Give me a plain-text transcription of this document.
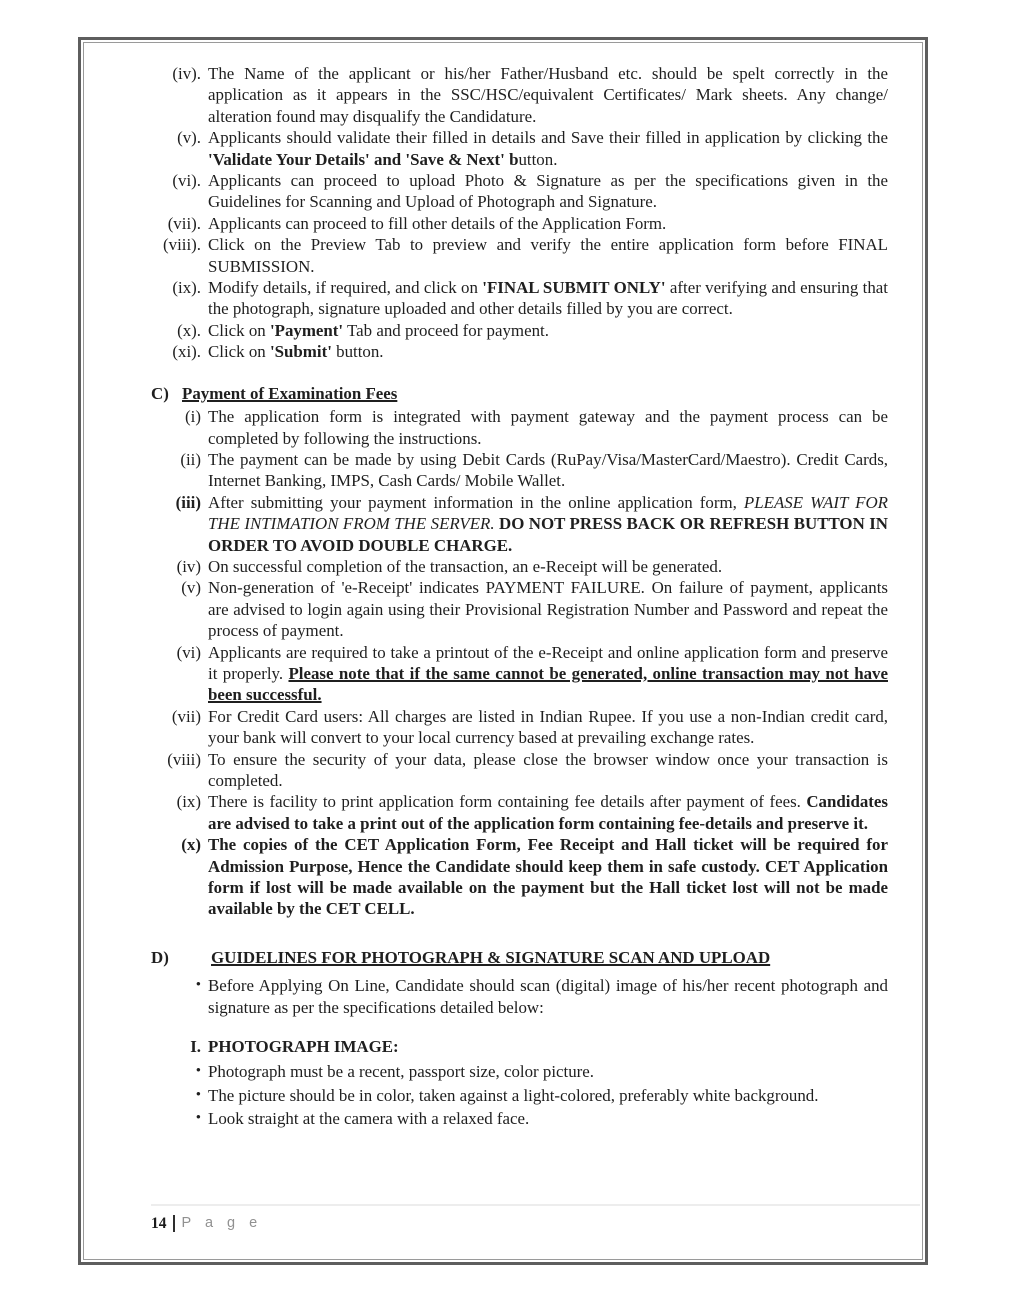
(iv). The Name of the applicant or his/her Father/Husband etc. should be spelt correctly in the application as it appears in the SSC/HSC/equivalent Certificates/ Mark sheets. Any change/ alteration found may disqualify the Candidature.
(v). Applicants should validate their filled in details and Save their filled in application by clicking the 'Validate Your Details' and 'Save & Next' button.
(vi). Applicants can proceed to upload Photo & Signature as per the specifications given in the Guidelines for Scanning and Upload of Photograph and Signature.
(vii). Applicants can proceed to fill other details of the Application Form.
(viii). Click on the Preview Tab to preview and verify the entire application form before FINAL SUBMISSION.
(ix). Modify details, if required, and click on 'FINAL SUBMIT ONLY' after verifying and ensuring that the photograph, signature uploaded and other details filled by you are correct.
(x). Click on 'Payment' Tab and proceed for payment.
(xi). Click on 'Submit' button.
C) Payment of Examination Fees
(i) The application form is integrated with payment gateway and the payment process can be completed by following the instructions.
(ii) The payment can be made by using Debit Cards (RuPay/Visa/MasterCard/Maestro). Credit Cards, Internet Banking, IMPS, Cash Cards/ Mobile Wallet.
(iii) After submitting your payment information in the online application form, PLEASE WAIT FOR THE INTIMATION FROM THE SERVER. DO NOT PRESS BACK OR REFRESH BUTTON IN ORDER TO AVOID DOUBLE CHARGE.
(iv) On successful completion of the transaction, an e-Receipt will be generated.
(v) Non-generation of 'e-Receipt' indicates PAYMENT FAILURE. On failure of payment, applicants are advised to login again using their Provisional Registration Number and Password and repeat the process of payment.
(vi) Applicants are required to take a printout of the e-Receipt and online application form and preserve it properly. Please note that if the same cannot be generated, online transaction may not have been successful.
(vii) For Credit Card users: All charges are listed in Indian Rupee. If you use a non-Indian credit card, your bank will convert to your local currency based at prevailing exchange rates.
(viii) To ensure the security of your data, please close the browser window once your transaction is completed.
(ix) There is facility to print application form containing fee details after payment of fees. Candidates are advised to take a print out of the application form containing fee-details and preserve it.
(x) The copies of the CET Application Form, Fee Receipt and Hall ticket will be required for Admission Purpose, Hence the Candidate should keep them in safe custody. CET Application form if lost will be made available on the payment but the Hall ticket lost will not be made available by the CET CELL.
D)	GUIDELINES FOR PHOTOGRAPH & SIGNATURE SCAN AND UPLOAD
• Before Applying On Line, Candidate should scan (digital) image of his/her recent photograph and signature as per the specifications detailed below:
I. PHOTOGRAPH IMAGE:
• Photograph must be a recent, passport size, color picture.
• The picture should be in color, taken against a light-colored, preferably white background.
• Look straight at the camera with a relaxed face.
14 P a g e
